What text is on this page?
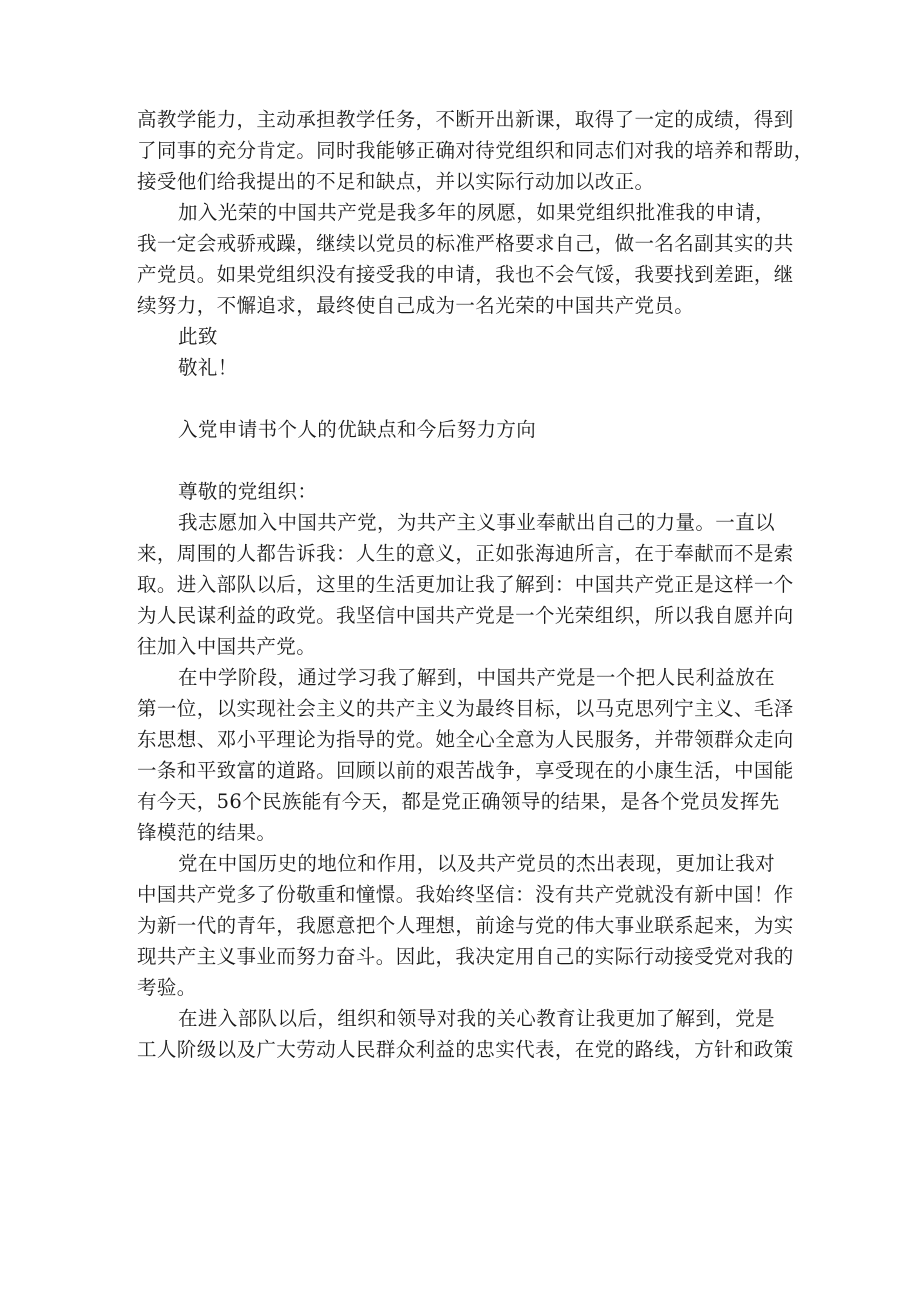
高教学能力，主动承担教学任务，不断开出新课，取得了一定的成绩，得到
了同事的充分肯定。同时我能够正确对待党组织和同志们对我的培养和帮助，
接受他们给我提出的不足和缺点，并以实际行动加以改正。
加入光荣的中国共产党是我多年的夙愿，如果党组织批准我的申请，
我一定会戒骄戒躁，继续以党员的标准严格要求自己，做一名名副其实的共
产党员。如果党组织没有接受我的申请，我也不会气馁，我要找到差距，继
续努力，不懈追求，最终使自己成为一名光荣的中国共产党员。
此致
敬礼！
入党申请书个人的优缺点和今后努力方向
尊敬的党组织：
我志愿加入中国共产党，为共产主义事业奉献出自己的力量。一直以
来，周围的人都告诉我：人生的意义，正如张海迪所言，在于奉献而不是索
取。进入部队以后，这里的生活更加让我了解到：中国共产党正是这样一个
为人民谋利益的政党。我坚信中国共产党是一个光荣组织，所以我自愿并向
往加入中国共产党。
在中学阶段，通过学习我了解到，中国共产党是一个把人民利益放在
第一位，以实现社会主义的共产主义为最终目标，以马克思列宁主义、毛泽
东思想、邓小平理论为指导的党。她全心全意为人民服务，并带领群众走向
一条和平致富的道路。回顾以前的艰苦战争，享受现在的小康生活，中国能
有今天，56个民族能有今天，都是党正确领导的结果，是各个党员发挥先
锋模范的结果。
党在中国历史的地位和作用，以及共产党员的杰出表现，更加让我对
中国共产党多了份敬重和憧憬。我始终坚信：没有共产党就没有新中国！作
为新一代的青年，我愿意把个人理想，前途与党的伟大事业联系起来，为实
现共产主义事业而努力奋斗。因此，我决定用自己的实际行动接受党对我的
考验。
在进入部队以后，组织和领导对我的关心教育让我更加了解到，党是
工人阶级以及广大劳动人民群众利益的忠实代表，在党的路线，方针和政策
